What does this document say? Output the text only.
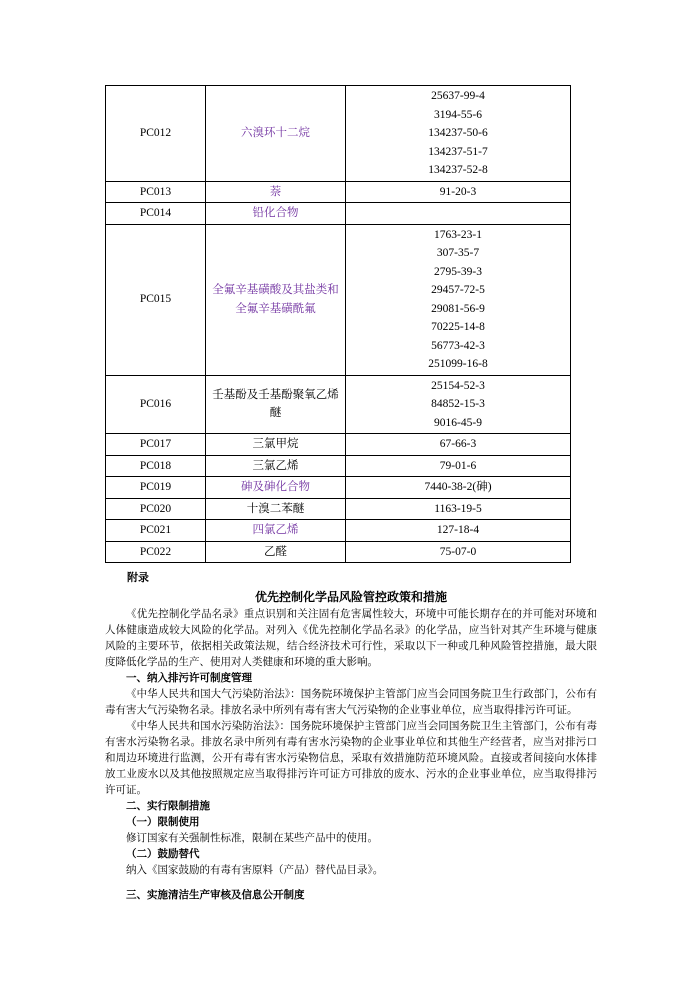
PC012	六溴环十二烷	25637-99-4
3194-55-6
134237-50-6
134237-51-7
134237-52-8

PC013	萘	91-20-3

PC014	铅化合物	

PC015	全氟辛基磺酸及其盐类和全氟辛基磺酰氟	
1763-23-1
307-35-7
2795-39-3
29457-72-5
29081-56-9
70225-14-8
56773-42-3
251099-16-8

PC016	壬基酚及壬基酚聚氧乙烯醚	25154-52-3
84852-15-3
9016-45-9

PC017	三氯甲烷	67-66-3

PC018	三氯乙烯	79-01-6

PC019	砷及砷化合物	7440-38-2(砷)

PC020	十溴二苯醚	1163-19-5

PC021	四氯乙烯	127-18-4

PC022	乙醛	75-07-0
附录
优先控制化学品风险管控政策和措施

《优先控制化学品名录》重点识别和关注固有危害属性较大，环境中可能长期存在的并可能对环境和人体健康造成较大风险的化学品。对列入《优先控制化学品名录》的化学品，应当针对其产生环境与健康风险的主要环节，依据相关政策法规，结合经济技术可行性，采取以下一种或几种风险管控措施，最大限度降低化学品的生产、使用对人类健康和环境的重大影响。

一、纳入排污许可制度管理

《中华人民共和国大气污染防治法》：国务院环境保护主管部门应当会同国务院卫生行政部门，公布有毒有害大气污染物名录。排放名录中所列有毒有害大气污染物的企业事业单位，应当取得排污许可证。

《中华人民共和国水污染防治法》：国务院环境保护主管部门应当会同国务院卫生主管部门，公布有毒有害水污染物名录。排放名录中所列有毒有害水污染物的企业事业单位和其他生产经营者，应当对排污口和周边环境进行监测，公开有毒有害水污染物信息，采取有效措施防范环境风险。直接或者间接向水体排放工业废水以及其他按照规定应当取得排污许可证方可排放的废水、污水的企业事业单位，应当取得排污许可证。

二、实行限制措施

（一）限制使用

修订国家有关强制性标准，限制在某些产品中的使用。

（二）鼓励替代

纳入《国家鼓励的有毒有害原料（产品）替代品目录》。

三、实施清洁生产审核及信息公开制度
